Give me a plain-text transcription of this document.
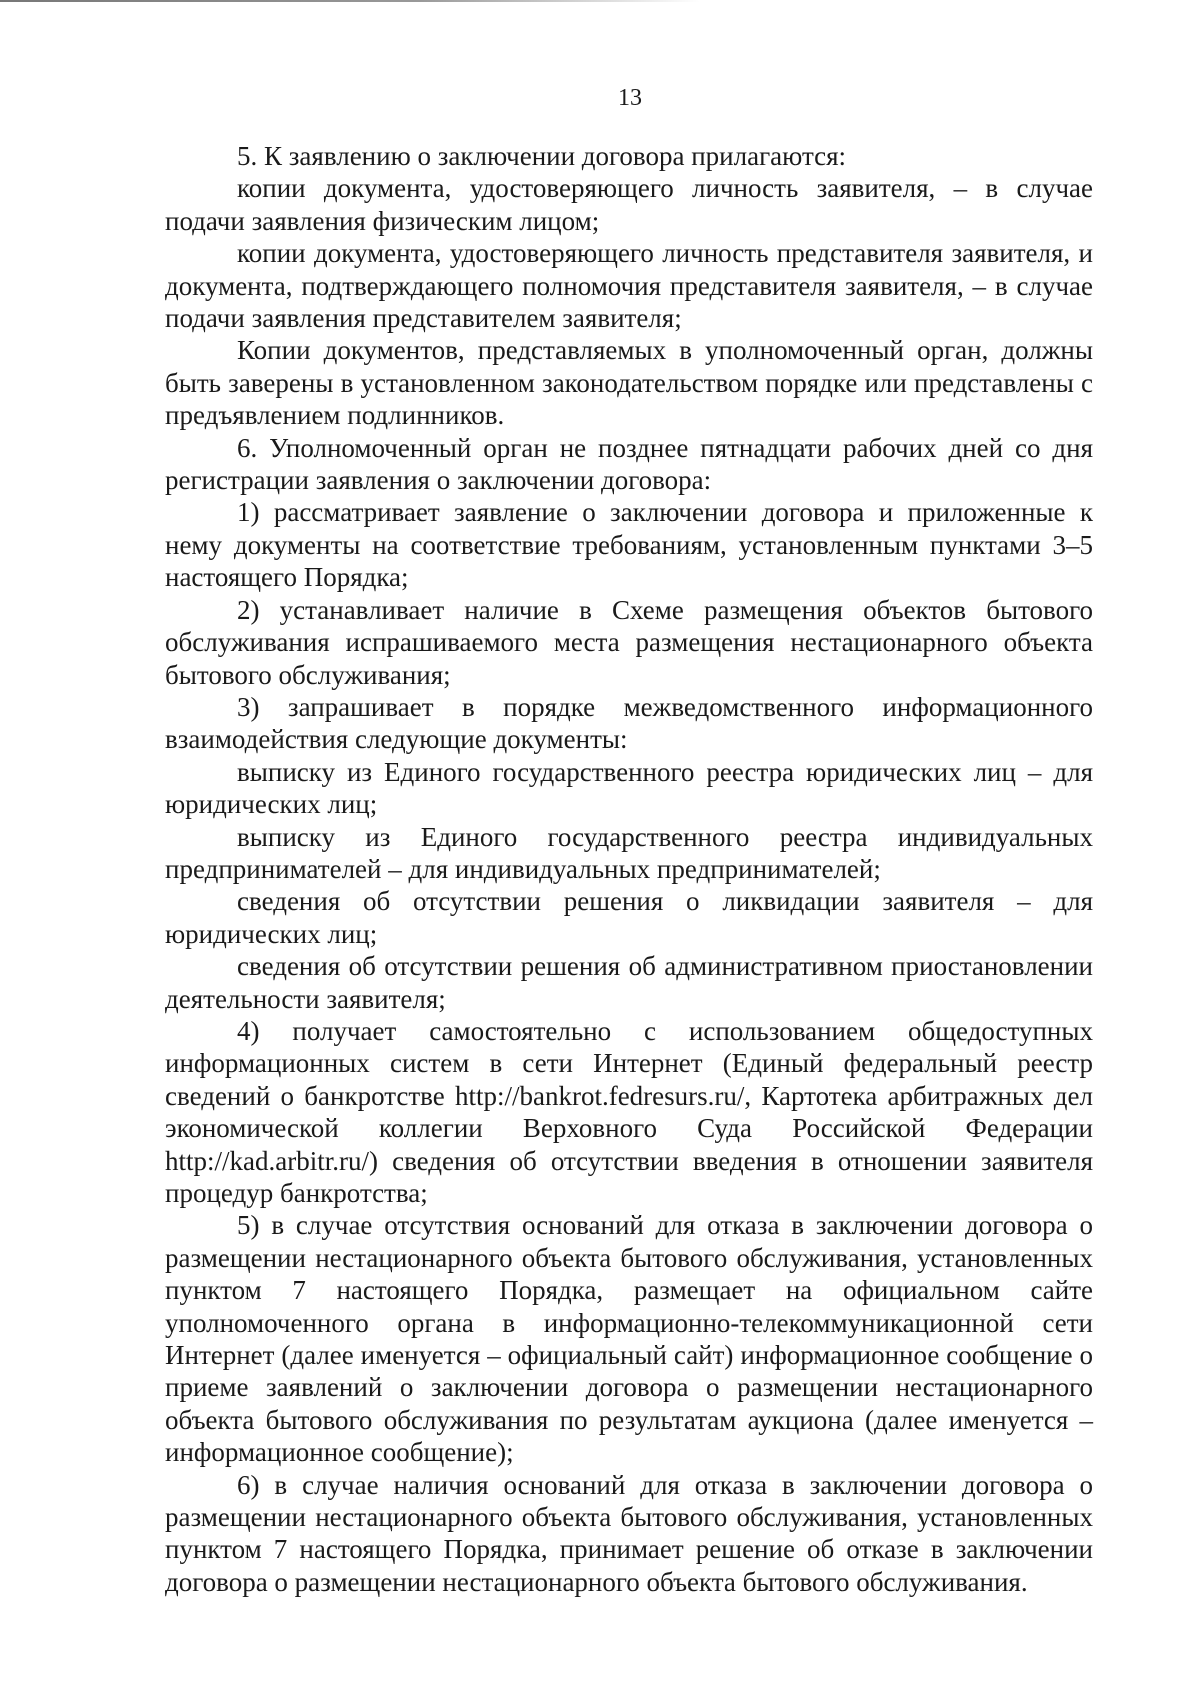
13

5. К заявлению о заключении договора прилагаются:

копии документа, удостоверяющего личность заявителя, – в случае подачи заявления физическим лицом;

копии документа, удостоверяющего личность представителя заявителя, и документа, подтверждающего полномочия представителя заявителя, – в случае подачи заявления представителем заявителя;

Копии документов, представляемых в уполномоченный орган, должны быть заверены в установленном законодательством порядке или представлены с предъявлением подлинников.

6. Уполномоченный орган не позднее пятнадцати рабочих дней со дня регистрации заявления о заключении договора:

1) рассматривает заявление о заключении договора и приложенные к нему документы на соответствие требованиям, установленным пунктами 3–5 настоящего Порядка;

2) устанавливает наличие в Схеме размещения объектов бытового обслуживания испрашиваемого места размещения нестационарного объекта бытового обслуживания;

3) запрашивает в порядке межведомственного информационного взаимодействия следующие документы:

выписку из Единого государственного реестра юридических лиц – для юридических лиц;

выписку из Единого государственного реестра индивидуальных предпринимателей – для индивидуальных предпринимателей;

сведения об отсутствии решения о ликвидации заявителя – для юридических лиц;

сведения об отсутствии решения об административном приостановлении деятельности заявителя;

4) получает самостоятельно с использованием общедоступных информационных систем в сети Интернет (Единый федеральный реестр сведений о банкротстве http://bankrot.fedresurs.ru/, Картотека арбитражных дел экономической коллегии Верховного Суда Российской Федерации http://kad.arbitr.ru/) сведения об отсутствии введения в отношении заявителя процедур банкротства;

5) в случае отсутствия оснований для отказа в заключении договора о размещении нестационарного объекта бытового обслуживания, установленных пунктом 7 настоящего Порядка, размещает на официальном сайте уполномоченного органа в информационно-телекоммуникационной сети Интернет (далее именуется – официальный сайт) информационное сообщение о приеме заявлений о заключении договора о размещении нестационарного объекта бытового обслуживания по результатам аукциона (далее именуется – информационное сообщение);

6) в случае наличия оснований для отказа в заключении договора о размещении нестационарного объекта бытового обслуживания, установленных пунктом 7 настоящего Порядка, принимает решение об отказе в заключении договора о размещении нестационарного объекта бытового обслуживания.
